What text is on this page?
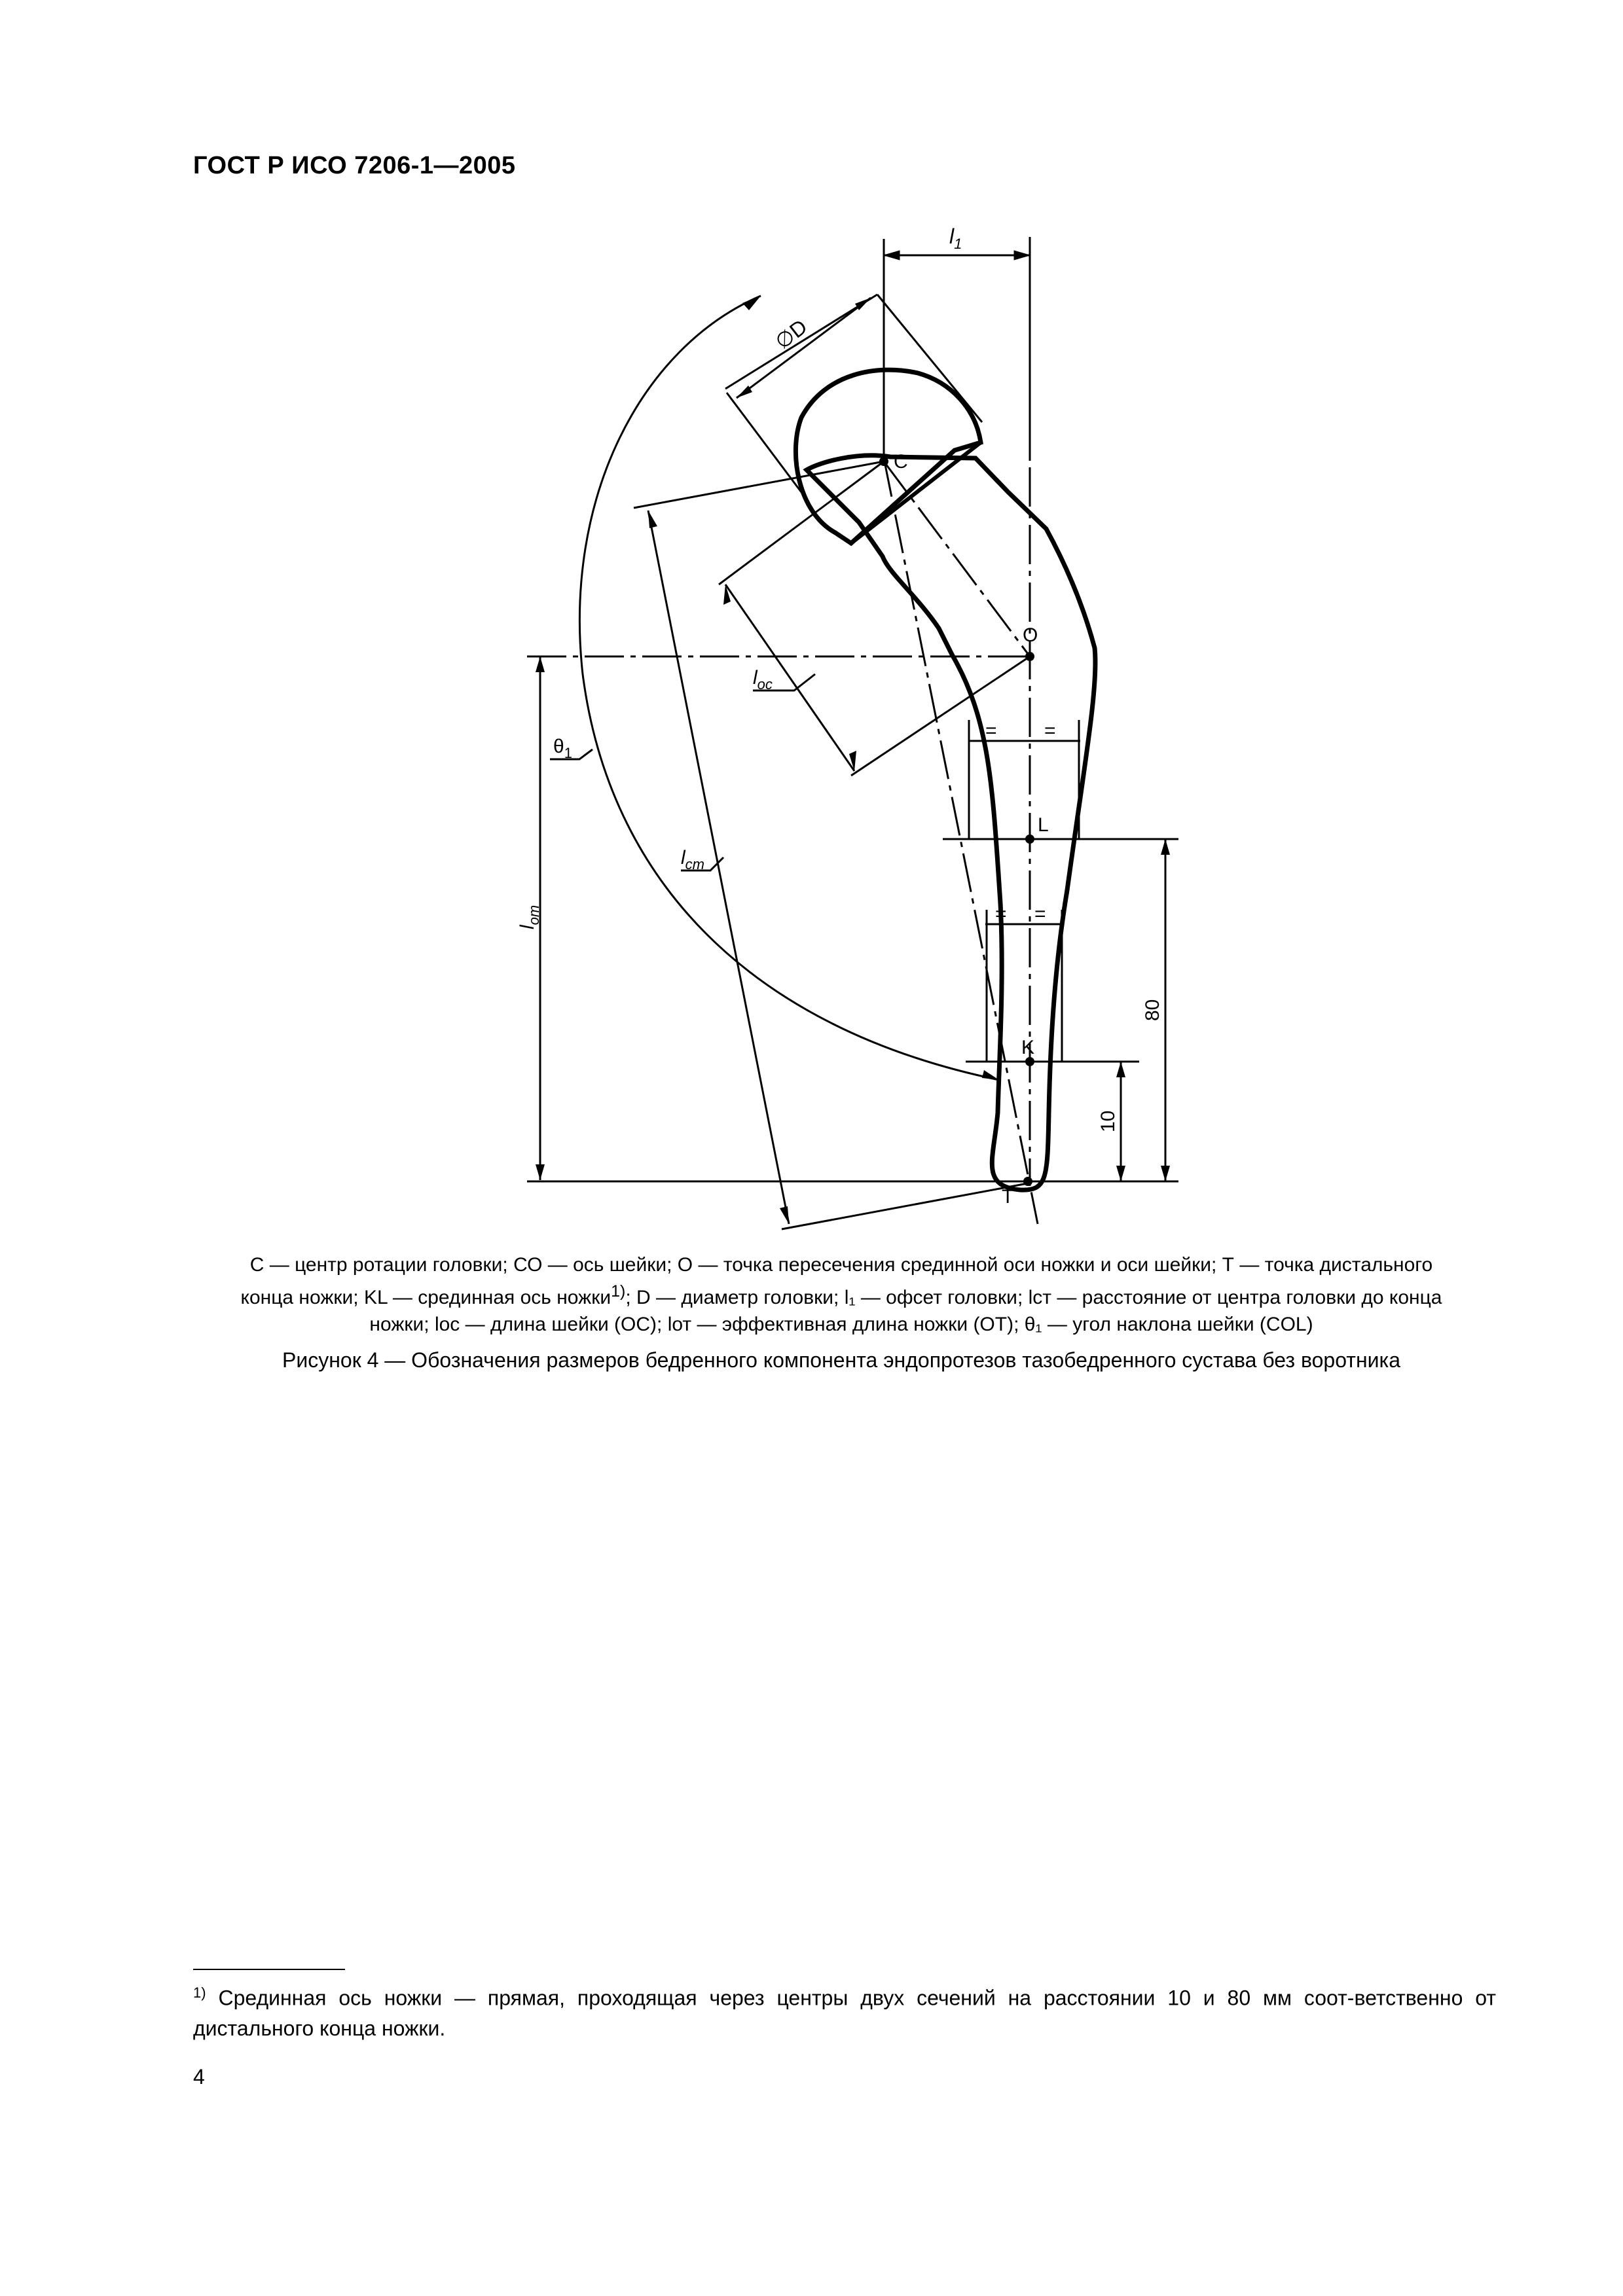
ГОСТ Р ИСО 7206-1—2005
$l_1$
∅D
C
O
L
K
T
$l_{oc}$
$l_{ст}$
$\theta_1$
$l_{от}$
80
10
= =
= =
С — центр ротации головки; СО — ось шейки; О — точка пересечения срединной оси ножки и оси шейки; Т — точка дистального
конца ножки; KL — срединная ось ножки$^{1)}$; D — диаметр головки; l₁ — офсет головки; lст — расстояние от центра головки до конца
ножки; lос — длина шейки (ОС); lот — эффективная длина ножки (ОТ); θ₁ — угол наклона шейки (COL)
Рисунок 4 — Обозначения размеров бедренного компонента эндопротезов тазобедренного сустава без воротника
$^{1)}$ Срединная ось ножки — прямая, проходящая через центры двух сечений на расстоянии 10 и 80 мм соот-ветственно от дистального конца ножки.
4
